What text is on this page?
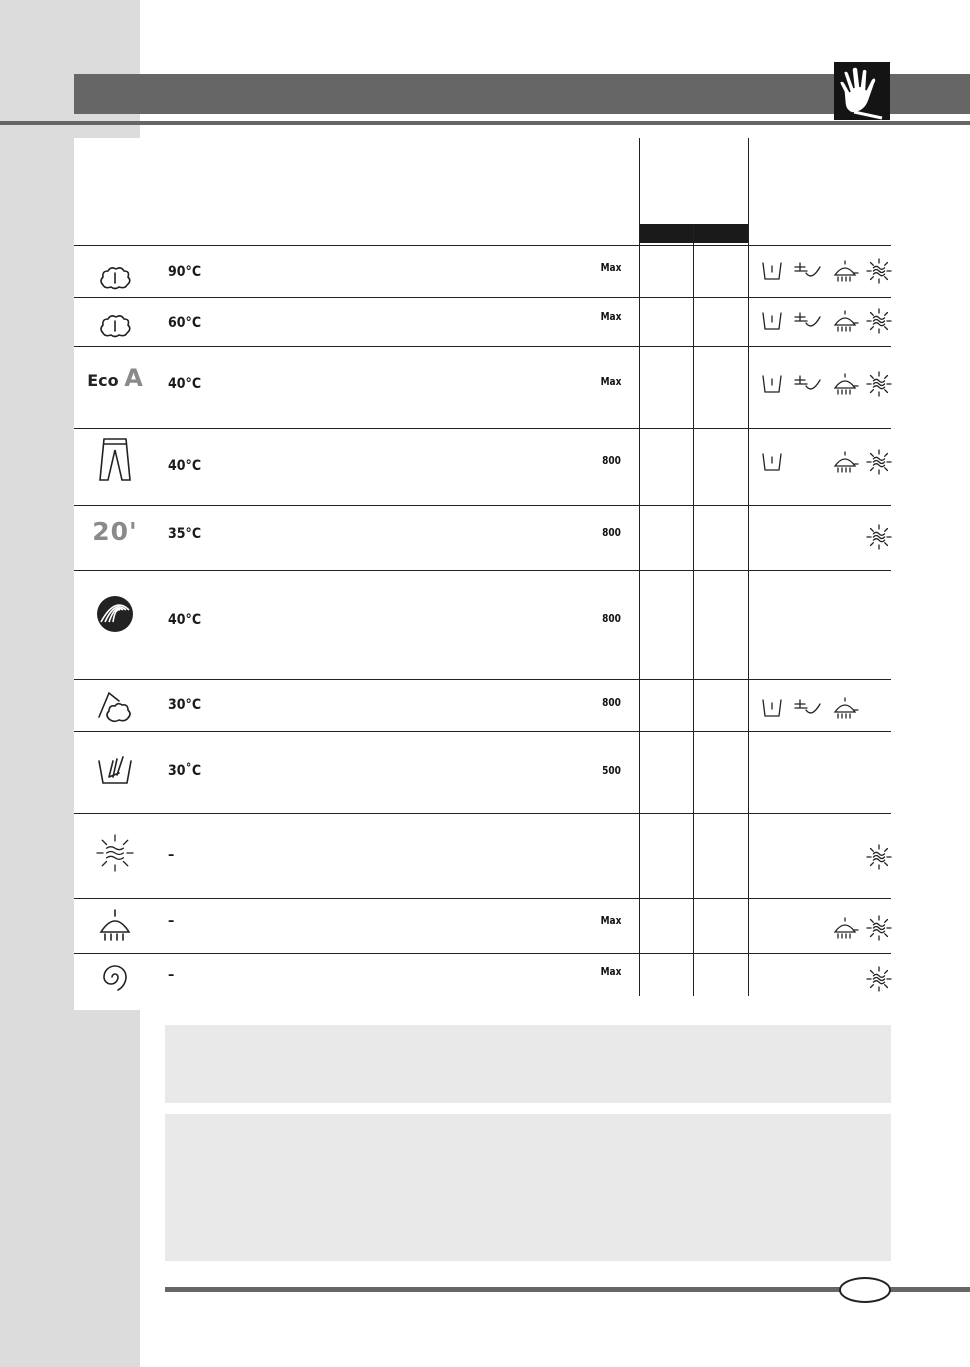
90°C	Max
60°C	Max
Eco A 40°C	Max
40°C	800
20' 35°C	800
40°C	800
30°C	800
30˚C	500
–
–	Max
–	Max
